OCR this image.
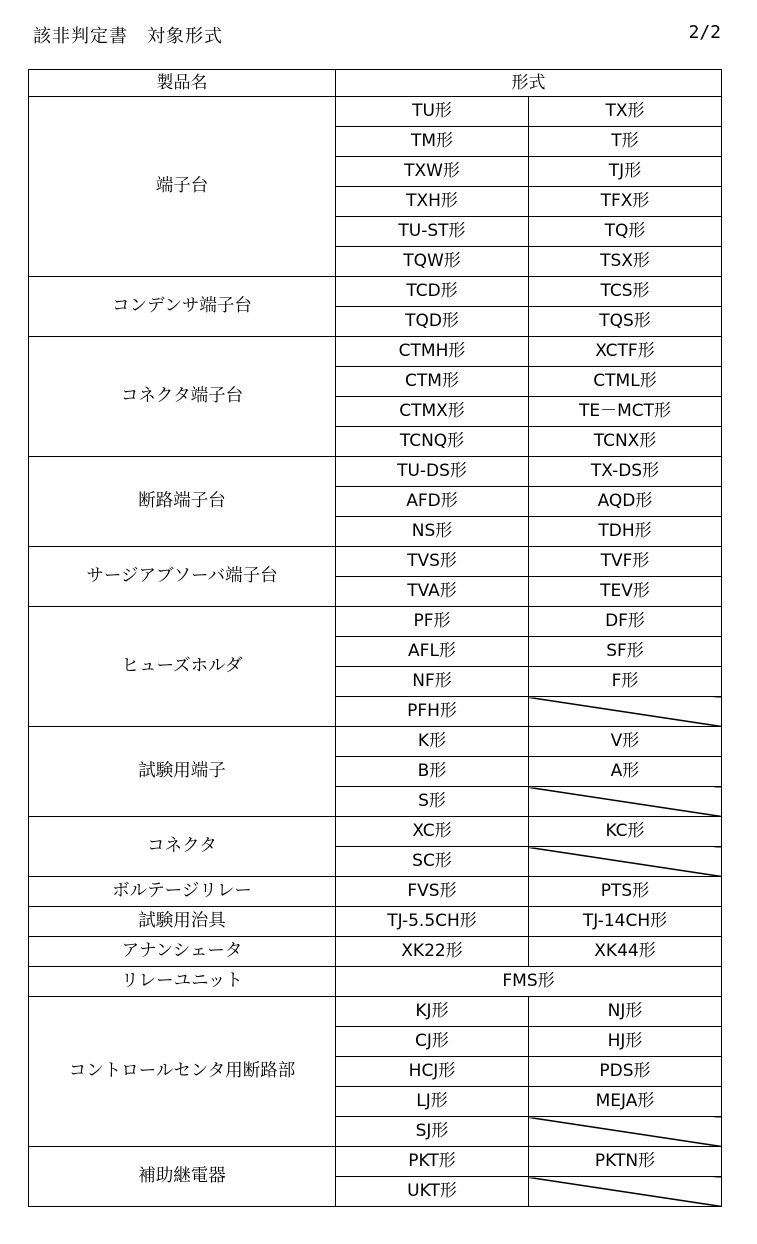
該非判定書　対象形式	2/2
製品名	形式	
端子台	TU形	TX形
	TM形	T形
	TXW形	TJ形
	TXH形	TFX形
	TU-ST形	TQ形
	TQW形	TSX形
コンデンサ端子台	TCD形	TCS形
	TQD形	TQS形
コネクタ端子台	CTMH形	XCTF形
	CTM形	CTML形
	CTMX形	TE－MCT形
	TCNQ形	TCNX形
断路端子台	TU-DS形	TX-DS形
	AFD形	AQD形
	NS形	TDH形
サージアブソーバ端子台	TVS形	TVF形
	TVA形	TEV形
ヒューズホルダ	PF形	DF形
	AFL形	SF形
	NF形	F形
	PFH形	
試験用端子	K形	V形
	B形	A形
	S形	
コネクタ	XC形	KC形
	SC形	
ボルテージリレー	FVS形	PTS形
試験用治具	TJ-5.5CH形	TJ-14CH形
アナンシェータ	XK22形	XK44形
リレーユニット	FMS形	
コントロールセンタ用断路部	KJ形	NJ形
	CJ形	HJ形
	HCJ形	PDS形
	LJ形	MEJA形
	SJ形	
補助継電器	PKT形	PKTN形
	UKT形	
